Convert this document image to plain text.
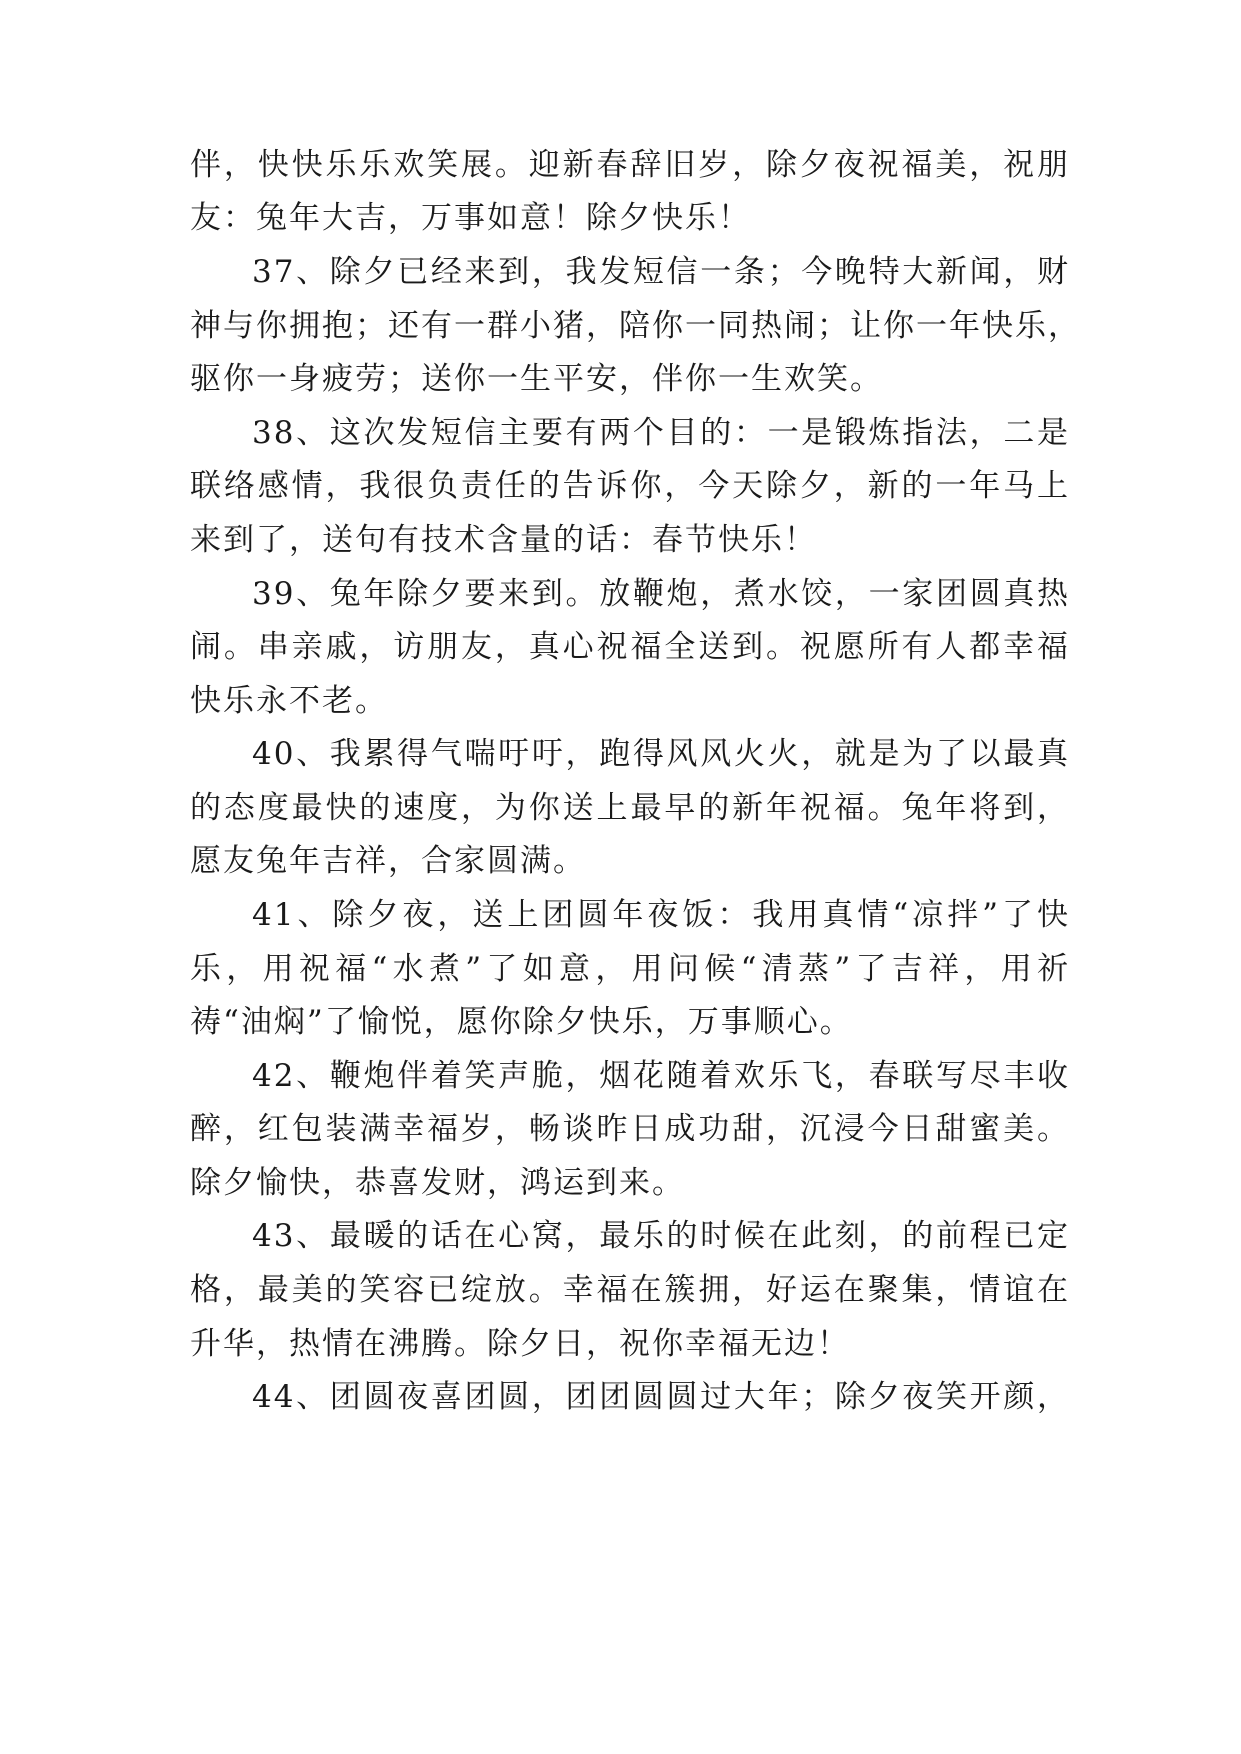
伴，快快乐乐欢笑展。迎新春辞旧岁，除夕夜祝福美，祝朋

友：兔年大吉，万事如意！除夕快乐！

37、除夕已经来到，我发短信一条；今晚特大新闻，财

神与你拥抱；还有一群小猪，陪你一同热闹；让你一年快乐，

驱你一身疲劳；送你一生平安，伴你一生欢笑。

38、这次发短信主要有两个目的：一是锻炼指法，二是

联络感情，我很负责任的告诉你，今天除夕，新的一年马上

来到了，送句有技术含量的话：春节快乐！

39、兔年除夕要来到。放鞭炮，煮水饺，一家团圆真热

闹。串亲戚，访朋友，真心祝福全送到。祝愿所有人都幸福

快乐永不老。

40、我累得气喘吁吁，跑得风风火火，就是为了以最真

的态度最快的速度，为你送上最早的新年祝福。兔年将到，

愿友兔年吉祥，合家圆满。

41、除夕夜，送上团圆年夜饭：我用真情“凉拌”了快

乐，用祝福“水煮”了如意，用问候“清蒸”了吉祥，用祈

祷“油焖”了愉悦，愿你除夕快乐，万事顺心。

42、鞭炮伴着笑声脆，烟花随着欢乐飞，春联写尽丰收

醉，红包装满幸福岁，畅谈昨日成功甜，沉浸今日甜蜜美。

除夕愉快，恭喜发财，鸿运到来。

43、最暖的话在心窝，最乐的时候在此刻，的前程已定

格，最美的笑容已绽放。幸福在簇拥，好运在聚集，情谊在

升华，热情在沸腾。除夕日，祝你幸福无边！

44、团圆夜喜团圆，团团圆圆过大年；除夕夜笑开颜，
